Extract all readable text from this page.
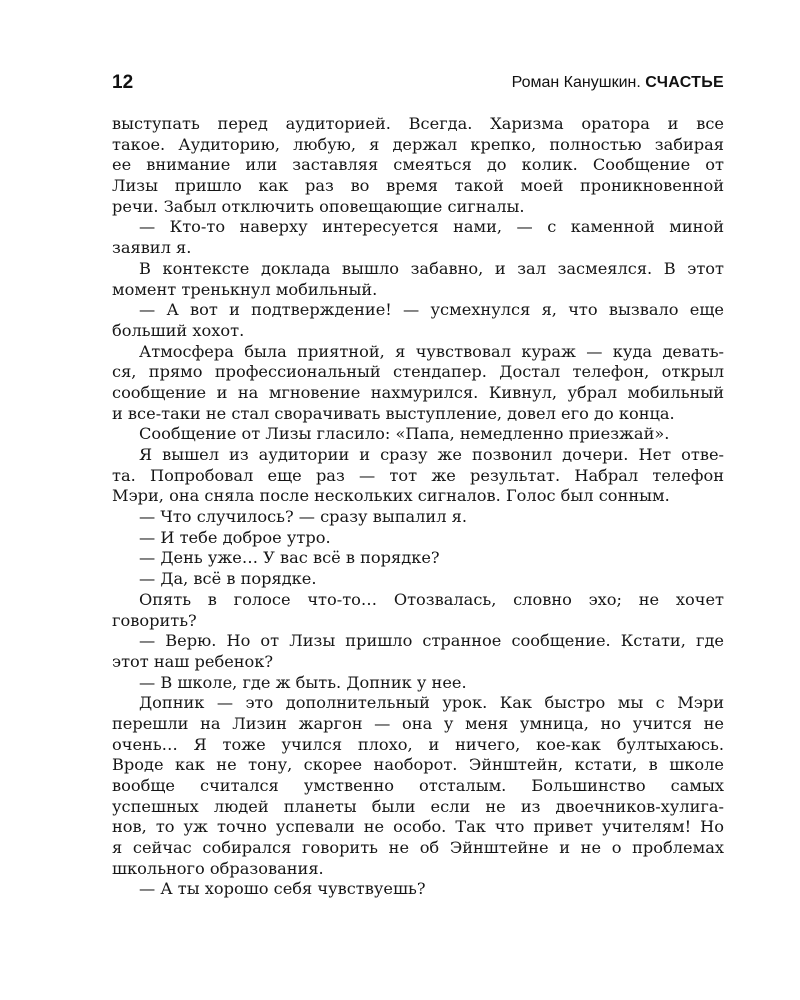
12	Роман Канушкин. СЧАСТЬЕ
выступать перед аудиторией. Всегда. Харизма оратора и все
такое. Аудиторию, любую, я держал крепко, полностью забирая
ее внимание или заставляя смеяться до колик. Сообщение от
Лизы пришло как раз во время такой моей проникновенной
речи. Забыл отключить оповещающие сигналы.
— Кто-то наверху интересуется нами, — с каменной миной
заявил я.
В контексте доклада вышло забавно, и зал засмеялся. В этот
момент тренькнул мобильный.
— А вот и подтверждение! — усмехнулся я, что вызвало еще
больший хохот.
Атмосфера была приятной, я чувствовал кураж — куда девать-
ся, прямо профессиональный стендапер. Достал телефон, открыл
сообщение и на мгновение нахмурился. Кивнул, убрал мобильный
и все-таки не стал сворачивать выступление, довел его до конца.
Сообщение от Лизы гласило: «Папа, немедленно приезжай».
Я вышел из аудитории и сразу же позвонил дочери. Нет отве-
та. Попробовал еще раз — тот же результат. Набрал телефон
Мэри, она сняла после нескольких сигналов. Голос был сонным.
— Что случилось? — сразу выпалил я.
— И тебе доброе утро.
— День уже… У вас всё в порядке?
— Да, всё в порядке.
Опять в голосе что-то… Отозвалась, словно эхо; не хочет
говорить?
— Верю. Но от Лизы пришло странное сообщение. Кстати, где
этот наш ребенок?
— В школе, где ж быть. Допник у нее.
Допник — это дополнительный урок. Как быстро мы с Мэри
перешли на Лизин жаргон — она у меня умница, но учится не
очень… Я тоже учился плохо, и ничего, кое-как бултыхаюсь.
Вроде как не тону, скорее наоборот. Эйнштейн, кстати, в школе
вообще считался умственно отсталым. Большинство самых
успешных людей планеты были если не из двоечников-хулига-
нов, то уж точно успевали не особо. Так что привет учителям! Но
я сейчас собирался говорить не об Эйнштейне и не о проблемах
школьного образования.
— А ты хорошо себя чувствуешь?
